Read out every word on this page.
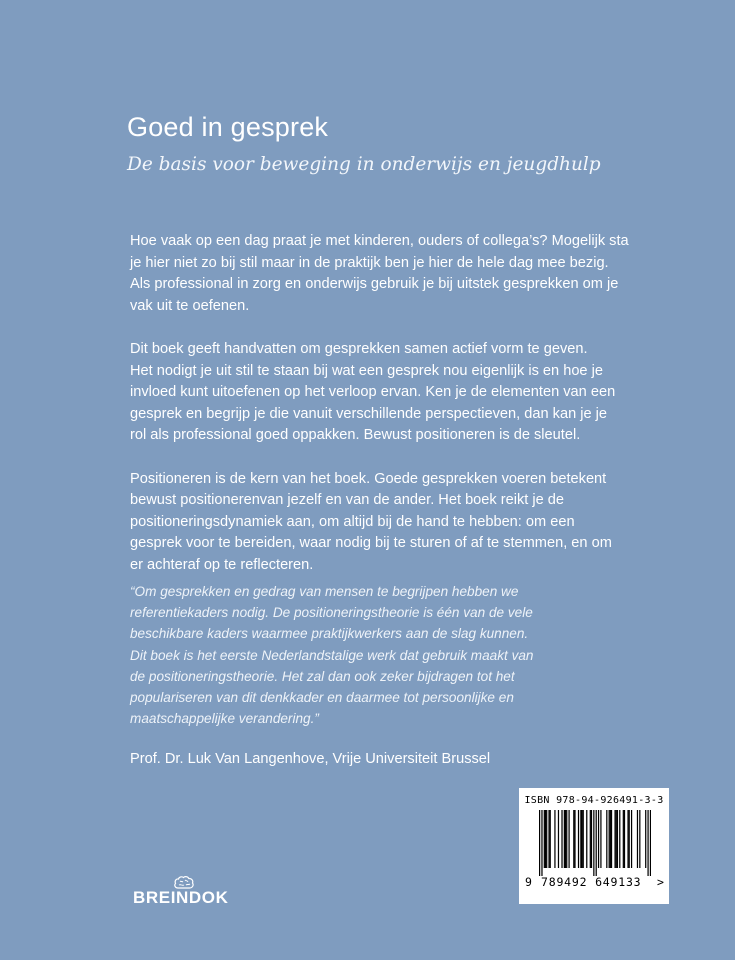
Goed in gesprek
De basis voor beweging in onderwijs en jeugdhulp

Hoe vaak op een dag praat je met kinderen, ouders of collega’s? Mogelijk sta
je hier niet zo bij stil maar in de praktijk ben je hier de hele dag mee bezig.
Als professional in zorg en onderwijs gebruik je bij uitstek gesprekken om je
vak uit te oefenen.

Dit boek geeft handvatten om gesprekken samen actief vorm te geven.
Het nodigt je uit stil te staan bij wat een gesprek nou eigenlijk is en hoe je
invloed kunt uitoefenen op het verloop ervan. Ken je de elementen van een
gesprek en begrijp je die vanuit verschillende perspectieven, dan kan je je
rol als professional goed oppakken. Bewust positioneren is de sleutel.

Positioneren is de kern van het boek. Goede gesprekken voeren betekent
bewust positionerenvan jezelf en van de ander. Het boek reikt je de
positioneringsdynamiek aan, om altijd bij de hand te hebben: om een
gesprek voor te bereiden, waar nodig bij te sturen of af te stemmen, en om
er achteraf op te reflecteren.

“Om gesprekken en gedrag van mensen te begrijpen hebben we
referentiekaders nodig. De positioneringstheorie is één van de vele
beschikbare kaders waarmee praktijkwerkers aan de slag kunnen.
Dit boek is het eerste Nederlandstalige werk dat gebruik maakt van
de positioneringstheorie. Het zal dan ook zeker bijdragen tot het
populariseren van dit denkkader en daarmee tot persoonlijke en
maatschappelijke verandering.”
Prof. Dr. Luk Van Langenhove, Vrije Universiteit Brussel
ISBN 978-94-926491-3-3
9 789492 649133 >
BREINDOK
